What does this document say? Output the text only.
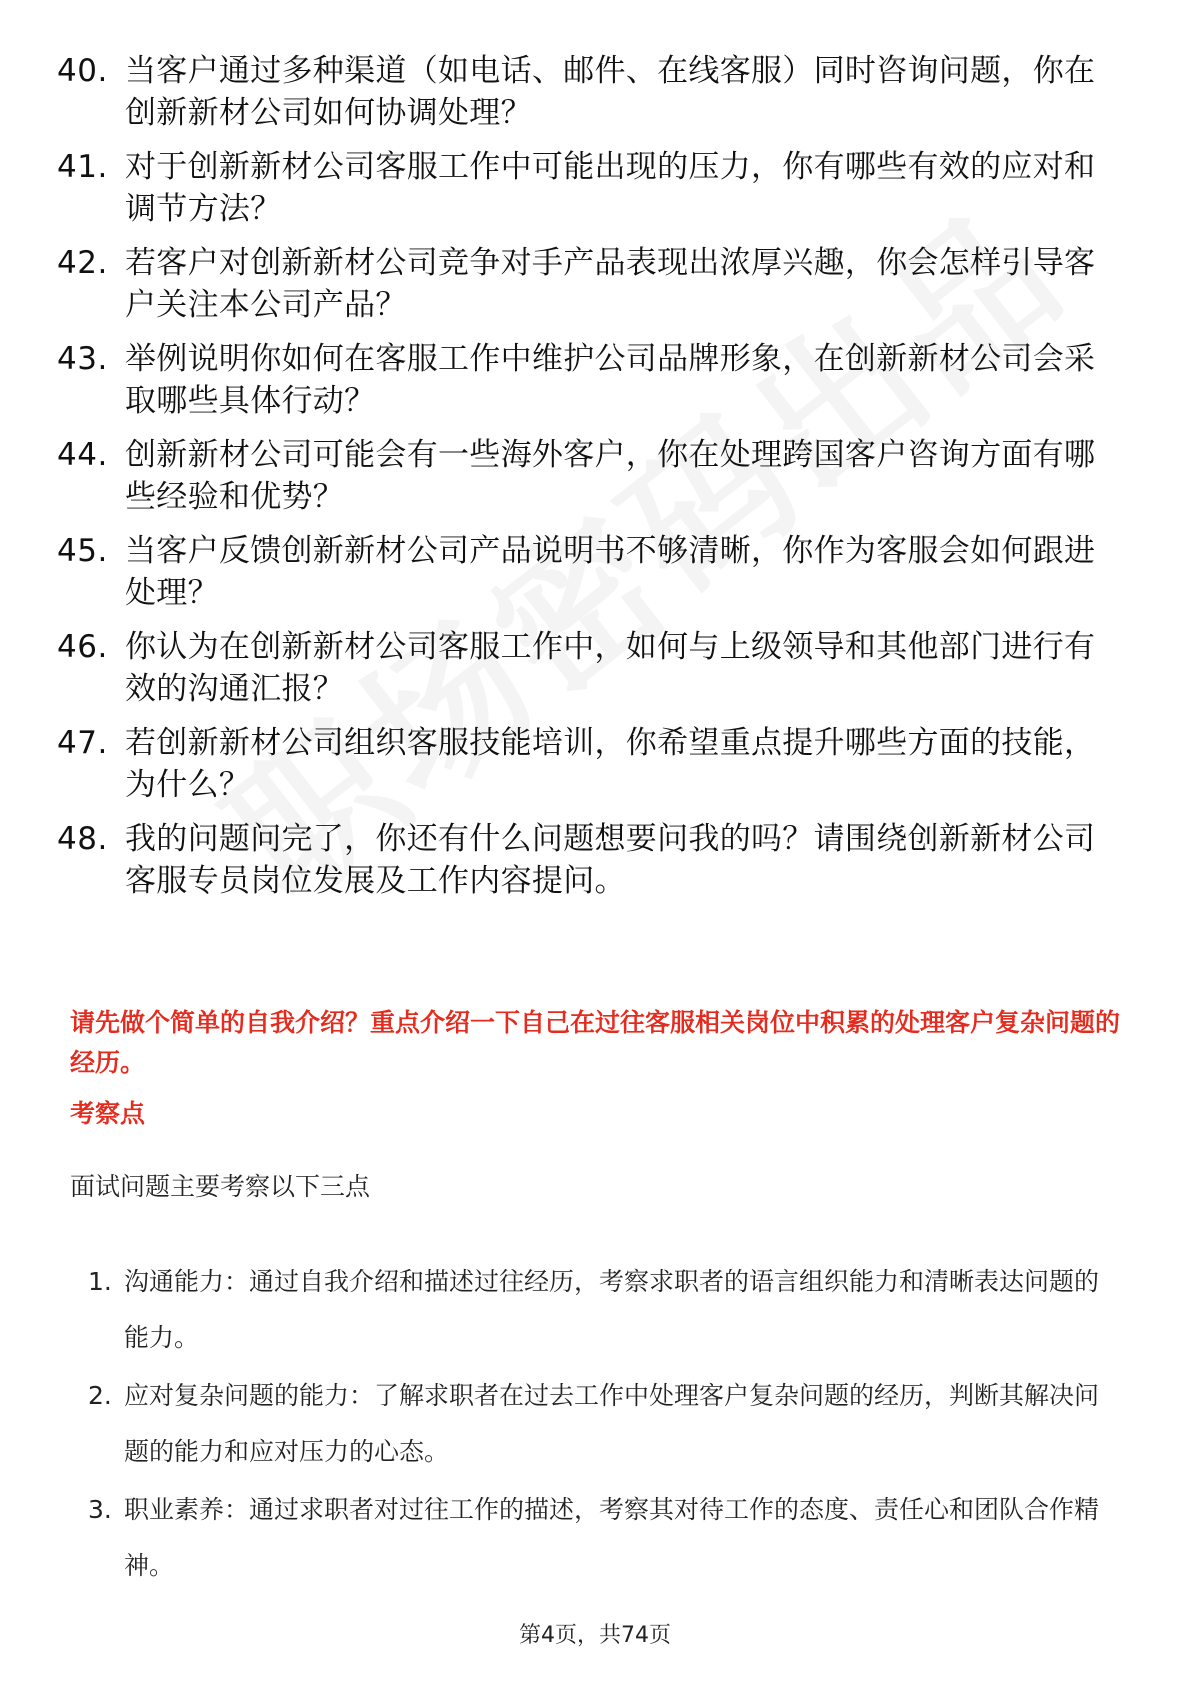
40. 当客户通过多种渠道（如电话、邮件、在线客服）同时咨询问题，你在创新新材公司如何协调处理？
41. 对于创新新材公司客服工作中可能出现的压力，你有哪些有效的应对和调节方法？
42. 若客户对创新新材公司竞争对手产品表现出浓厚兴趣，你会怎样引导客户关注本公司产品？
43. 举例说明你如何在客服工作中维护公司品牌形象，在创新新材公司会采取哪些具体行动？
44. 创新新材公司可能会有一些海外客户，你在处理跨国客户咨询方面有哪些经验和优势？
45. 当客户反馈创新新材公司产品说明书不够清晰，你作为客服会如何跟进处理？
46. 你认为在创新新材公司客服工作中，如何与上级领导和其他部门进行有效的沟通汇报？
47. 若创新新材公司组织客服技能培训，你希望重点提升哪些方面的技能，为什么？
48. 我的问题问完了，你还有什么问题想要问我的吗？请围绕创新新材公司客服专员岗位发展及工作内容提问。
请先做个简单的自我介绍？重点介绍一下自己在过往客服相关岗位中积累的处理客户复杂问题的经历。
考察点
面试问题主要考察以下三点
1. 沟通能力：通过自我介绍和描述过往经历，考察求职者的语言组织能力和清晰表达问题的能力。
2. 应对复杂问题的能力：了解求职者在过去工作中处理客户复杂问题的经历，判断其解决问题的能力和应对压力的心态。
3. 职业素养：通过求职者对过往工作的描述，考察其对待工作的态度、责任心和团队合作精神。
第4页，共74页
